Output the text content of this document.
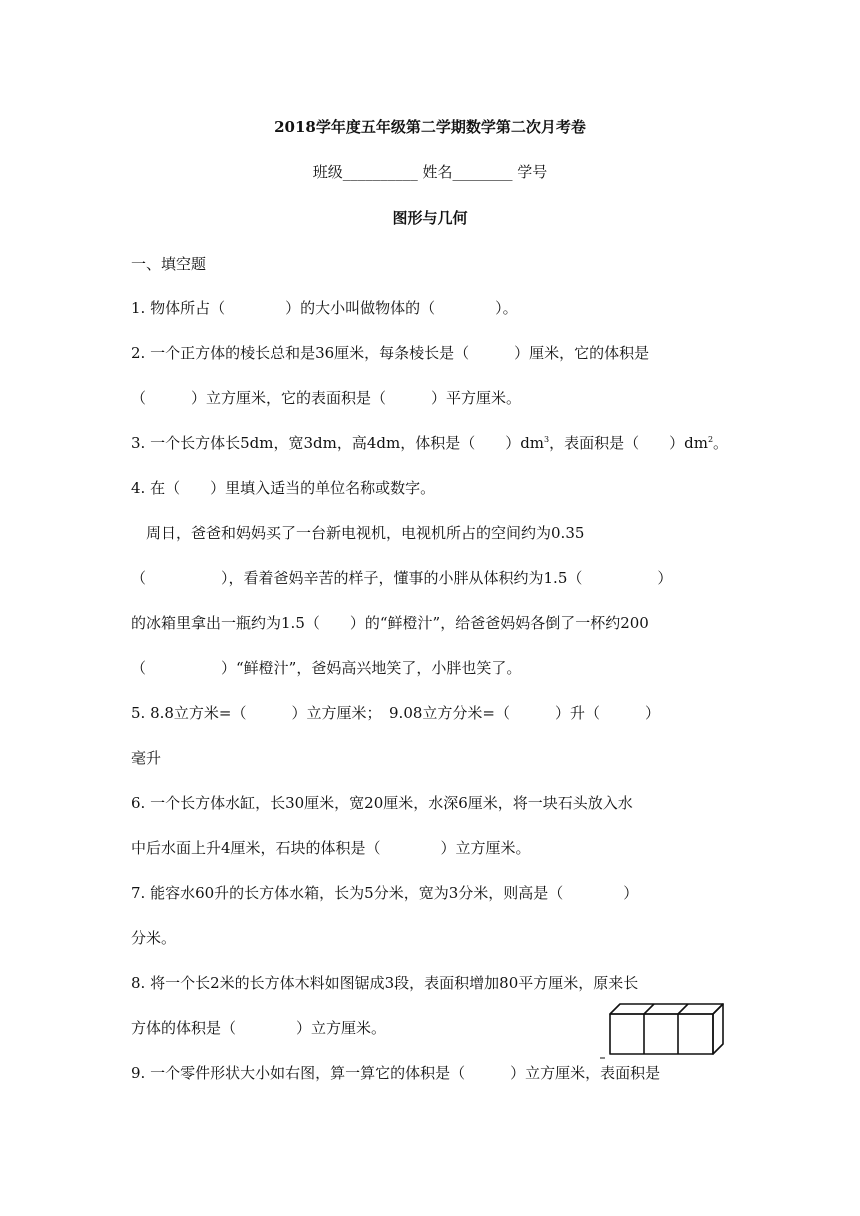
2018学年度五年级第二学期数学第二次月考卷
班级__________ 姓名________ 学号
图形与几何
一、填空题
1. 物体所占（　　　　）的大小叫做物体的（　　　　）。
2. 一个正方体的棱长总和是36厘米，每条棱长是（　　　）厘米，它的体积是
（　　　）立方厘米，它的表面积是（　　　）平方厘米。
3. 一个长方体长5dm，宽3dm，高4dm，体积是（　　）$dm^3$，表面积是（　　）$dm^2$。
4. 在（　　）里填入适当的单位名称或数字。
　周日，爸爸和妈妈买了一台新电视机，电视机所占的空间约为0.35
（　　　　　），看着爸妈辛苦的样子，懂事的小胖从体积约为1.5（　　　　　）
的冰箱里拿出一瓶约为1.5（　　）的“鲜橙汁”，给爸爸妈妈各倒了一杯约200
（　　　　　）“鲜橙汁”，爸妈高兴地笑了，小胖也笑了。
5. 8.8立方米=（　　　）立方厘米；　9.08立方分米=（　　　）升（　　　）
毫升
6. 一个长方体水缸，长30厘米，宽20厘米，水深6厘米，将一块石头放入水
中后水面上升4厘米，石块的体积是（　　　　）立方厘米。
7. 能容水60升的长方体水箱，长为5分米，宽为3分米，则高是（　　　　）
分米。
8. 将一个长2米的长方体木料如图锯成3段，表面积增加80平方厘米，原来长
方体的体积是（　　　　）立方厘米。
9. 一个零件形状大小如右图，算一算它的体积是（　　　）立方厘米，表面积是
